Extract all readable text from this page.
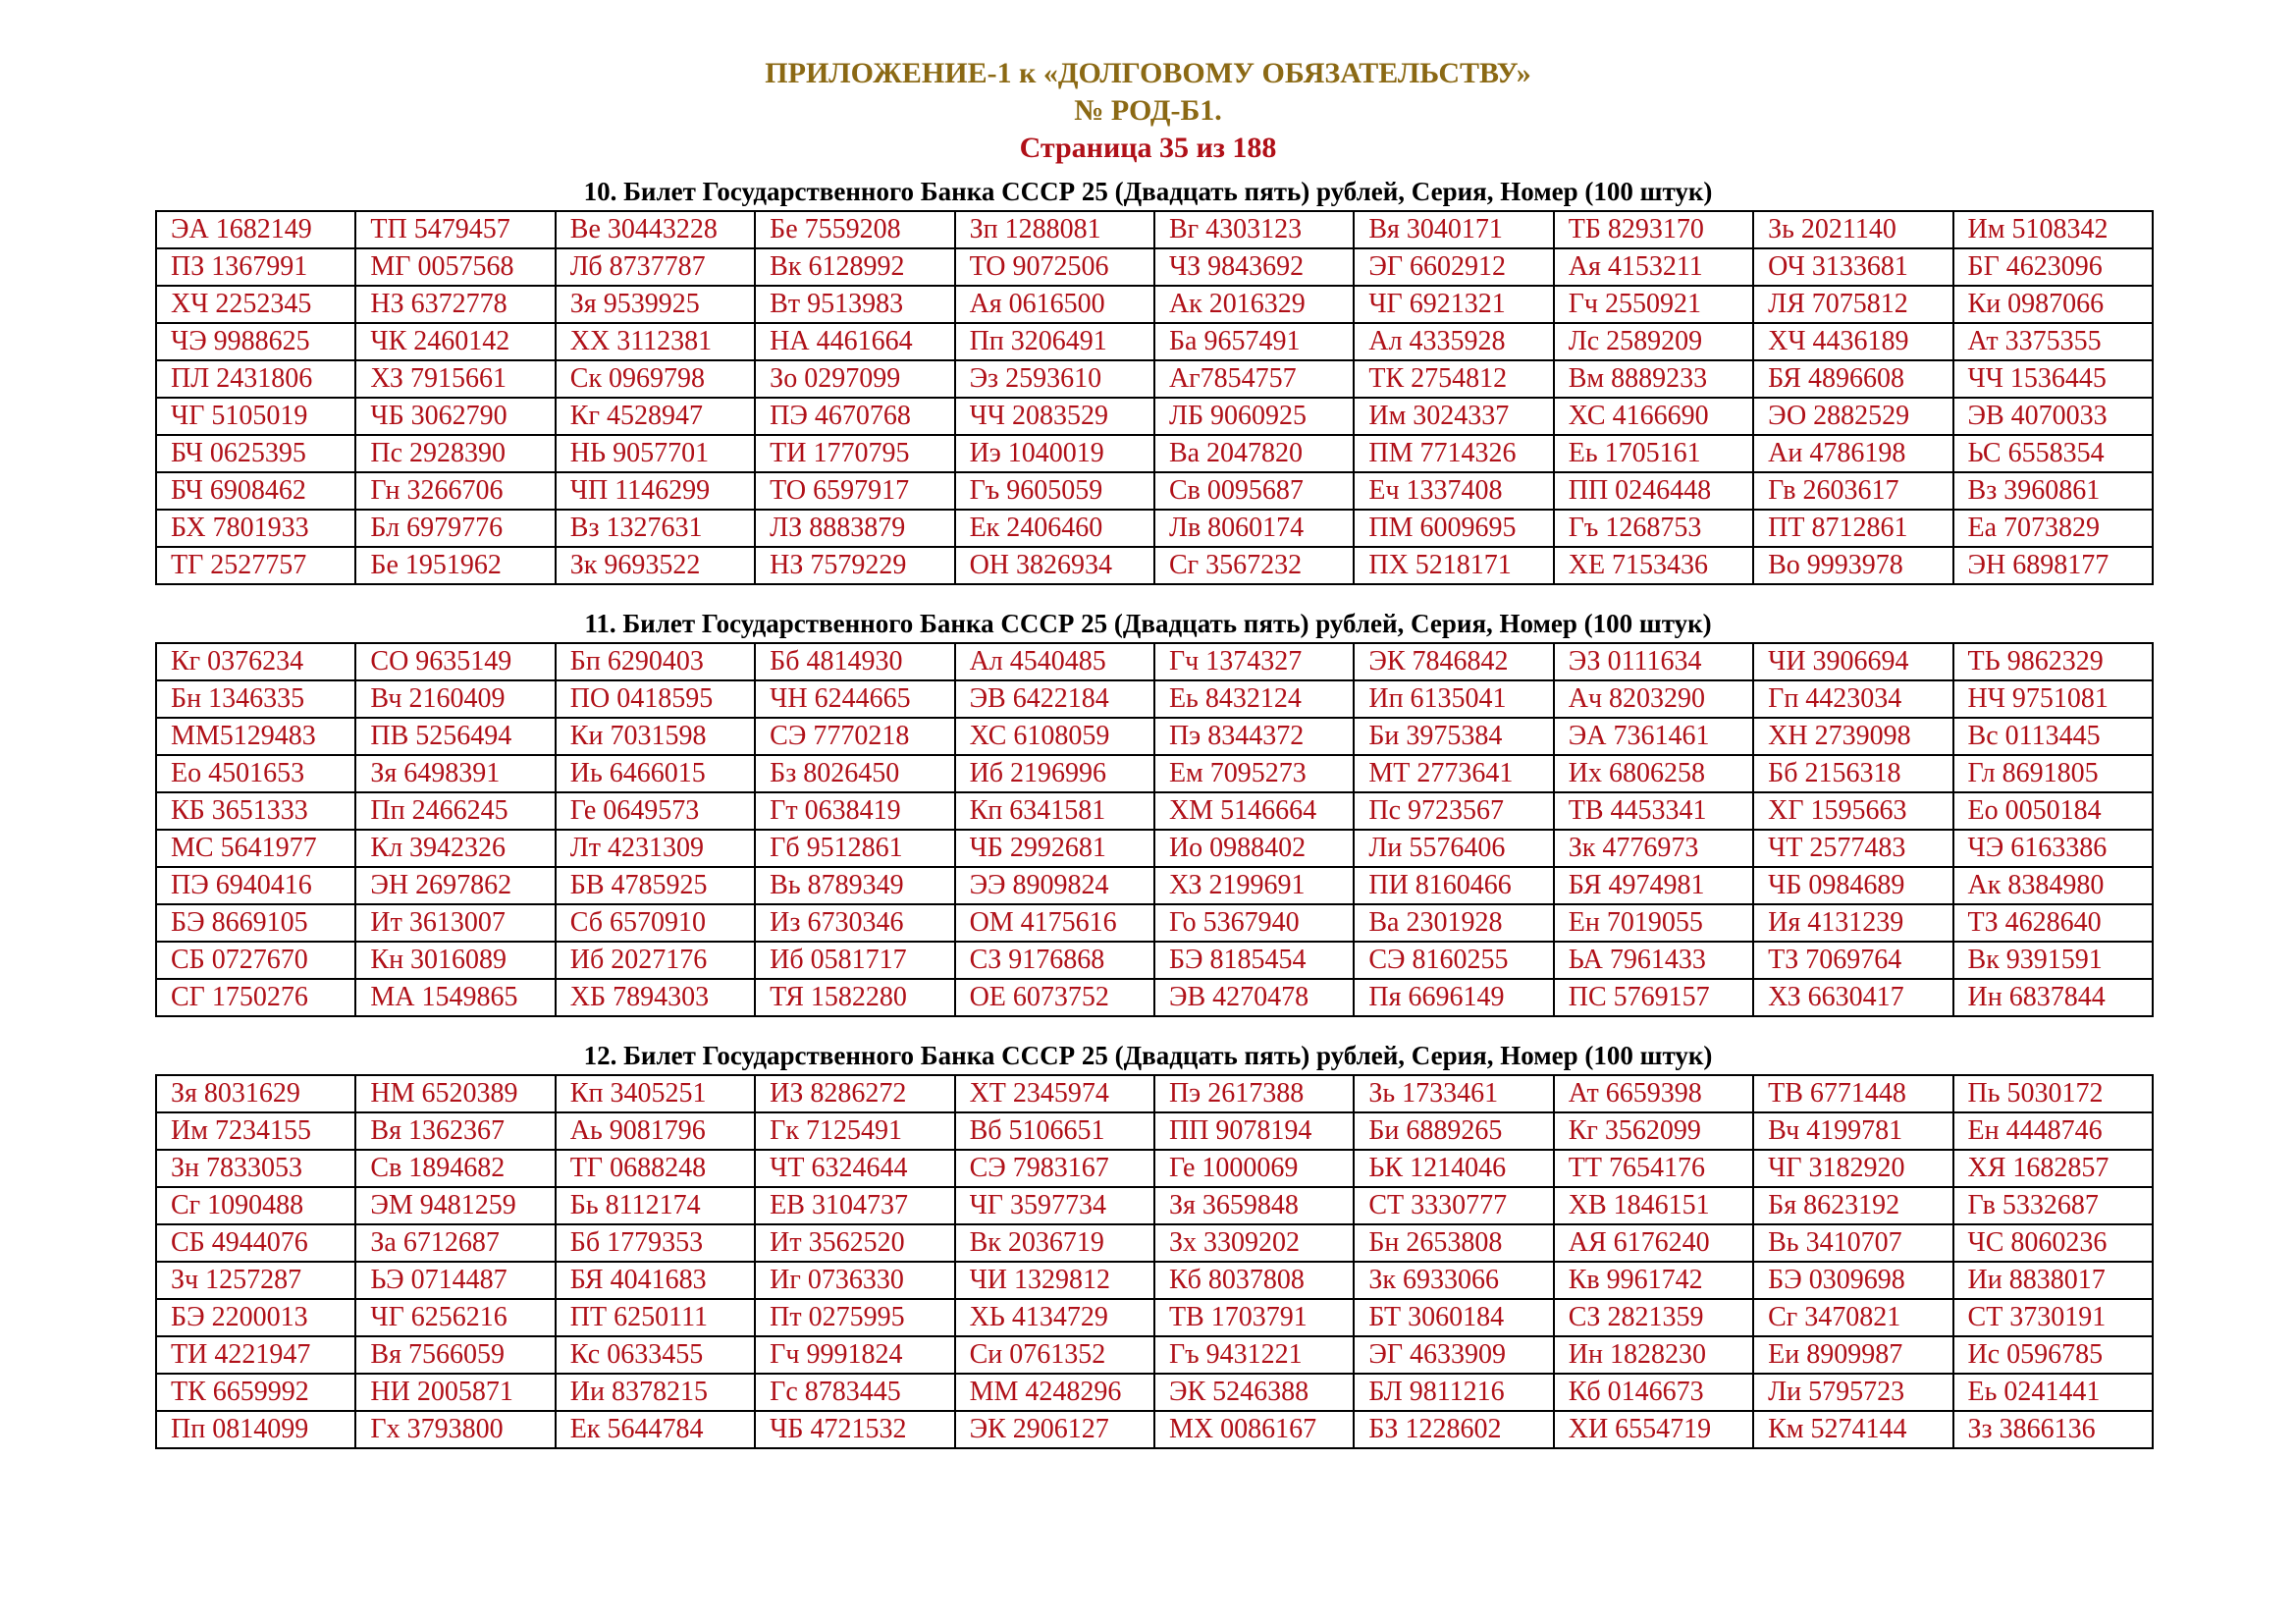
ПРИЛОЖЕНИЕ-1 к «ДОЛГОВОМУ ОБЯЗАТЕЛЬСТВУ»
№ РОД-Б1.
Страница 35 из 188
10. Билет Государственного Банка СССР 25 (Двадцать пять) рублей, Серия, Номер (100 штук)
ЭА 1682149	ТП 5479457	Ве 30443228	Бе 7559208	Зп 1288081	Вг 4303123	Вя 3040171	ТБ 8293170	Зь 2021140	Им 5108342
ПЗ 1367991	МГ 0057568	Лб 8737787	Вк 6128992	ТО 9072506	ЧЗ 9843692	ЭГ 6602912	Ая 4153211	ОЧ 3133681	БГ 4623096
ХЧ 2252345	НЗ 6372778	Зя 9539925	Вт 9513983	Ая 0616500	Ак 2016329	ЧГ 6921321	Гч 2550921	ЛЯ 7075812	Ки 0987066
ЧЭ 9988625	ЧК 2460142	ХХ 3112381	НА 4461664	Пп 3206491	Ба 9657491	Ал 4335928	Лс 2589209	ХЧ 4436189	Ат 3375355
ПЛ 2431806	ХЗ 7915661	Ск 0969798	Зо 0297099	Эз 2593610	Аг7854757	ТК 2754812	Вм 8889233	БЯ 4896608	ЧЧ 1536445
ЧГ 5105019	ЧБ 3062790	Кг 4528947	ПЭ 4670768	ЧЧ 2083529	ЛБ 9060925	Им 3024337	ХС 4166690	ЭО 2882529	ЭВ 4070033
БЧ 0625395	Пс 2928390	НЬ 9057701	ТИ 1770795	Иэ 1040019	Ва 2047820	ПМ 7714326	Еь 1705161	Аи 4786198	ЬС 6558354
БЧ 6908462	Гн 3266706	ЧП 1146299	ТО 6597917	Гъ 9605059	Св 0095687	Еч 1337408	ПП 0246448	Гв 2603617	Вз 3960861
БХ 7801933	Бл 6979776	Вз 1327631	ЛЗ 8883879	Ек 2406460	Лв 8060174	ПМ 6009695	Гъ 1268753	ПТ 8712861	Еа 7073829
ТГ 2527757	Бе 1951962	Зк 9693522	НЗ 7579229	ОН 3826934	Сг 3567232	ПХ 5218171	ХЕ 7153436	Во 9993978	ЭН 6898177
11. Билет Государственного Банка СССР 25 (Двадцать пять) рублей, Серия, Номер (100 штук)
Кг 0376234	СО 9635149	Бп 6290403	Бб 4814930	Ал 4540485	Гч 1374327	ЭК 7846842	ЭЗ 0111634	ЧИ 3906694	ТЬ 9862329
Бн 1346335	Вч 2160409	ПО 0418595	ЧН 6244665	ЭВ 6422184	Еь 8432124	Ип 6135041	Ач 8203290	Гп 4423034	НЧ 9751081
ММ5129483	ПВ 5256494	Ки 7031598	СЭ 7770218	ХС 6108059	Пэ 8344372	Би 3975384	ЭА 7361461	ХН 2739098	Вс 0113445
Ео 4501653	Зя 6498391	Иь 6466015	Бз 8026450	Иб 2196996	Ем 7095273	МТ 2773641	Их 6806258	Бб 2156318	Гл 8691805
КБ 3651333	Пп 2466245	Ге 0649573	Гт 0638419	Кп 6341581	ХМ 5146664	Пс 9723567	ТВ 4453341	ХГ 1595663	Ео 0050184
МС 5641977	Кл 3942326	Лт 4231309	Гб 9512861	ЧБ 2992681	Ио 0988402	Ли 5576406	Зк 4776973	ЧТ 2577483	ЧЭ 6163386
ПЭ 6940416	ЭН 2697862	БВ 4785925	Вь 8789349	ЭЭ 8909824	ХЗ 2199691	ПИ 8160466	БЯ 4974981	ЧБ 0984689	Ак 8384980
БЭ 8669105	Ит 3613007	Сб 6570910	Из 6730346	ОМ 4175616	Го 5367940	Ва 2301928	Ен 7019055	Ия 4131239	ТЗ 4628640
СБ 0727670	Кн 3016089	Иб 2027176	Иб 0581717	СЗ 9176868	БЭ 8185454	СЭ 8160255	ЬА 7961433	ТЗ 7069764	Вк 9391591
СГ 1750276	МА 1549865	ХБ 7894303	ТЯ 1582280	ОЕ 6073752	ЭВ 4270478	Пя 6696149	ПС 5769157	ХЗ 6630417	Ин 6837844
12. Билет Государственного Банка СССР 25 (Двадцать пять) рублей, Серия, Номер (100 штук)
Зя 8031629	НМ 6520389	Кп 3405251	ИЗ 8286272	ХТ 2345974	Пэ 2617388	Зь 1733461	Ат 6659398	ТВ 6771448	Пь 5030172
Им 7234155	Вя 1362367	Аь 9081796	Гк 7125491	Вб 5106651	ПП 9078194	Би 6889265	Кг 3562099	Вч 4199781	Ен 4448746
Зн 7833053	Св 1894682	ТГ 0688248	ЧТ 6324644	СЭ 7983167	Ге 1000069	ЬК 1214046	ТТ 7654176	ЧГ 3182920	ХЯ 1682857
Сг 1090488	ЭМ 9481259	Бь 8112174	ЕВ 3104737	ЧГ 3597734	Зя 3659848	СТ 3330777	ХВ 1846151	Бя 8623192	Гв 5332687
СБ 4944076	За 6712687	Бб 1779353	Ит 3562520	Вк 2036719	Зх 3309202	Бн 2653808	АЯ 6176240	Вь 3410707	ЧС 8060236
Зч 1257287	ЬЭ 0714487	БЯ 4041683	Иг 0736330	ЧИ 1329812	Кб 8037808	Зк 6933066	Кв 9961742	БЭ 0309698	Ии 8838017
БЭ 2200013	ЧГ 6256216	ПТ 6250111	Пт 0275995	ХЬ 4134729	ТВ 1703791	БТ 3060184	СЗ 2821359	Сг 3470821	СТ 3730191
ТИ 4221947	Вя 7566059	Кс 0633455	Гч 9991824	Си 0761352	Гъ 9431221	ЭГ 4633909	Ин 1828230	Еи 8909987	Ис 0596785
ТК 6659992	НИ 2005871	Ии 8378215	Гс 8783445	ММ 4248296	ЭК 5246388	БЛ 9811216	Кб 0146673	Ли 5795723	Еь 0241441
Пп 0814099	Гх 3793800	Ек 5644784	ЧБ 4721532	ЭК 2906127	МХ 0086167	БЗ 1228602	ХИ 6554719	Км 5274144	Зз 3866136
